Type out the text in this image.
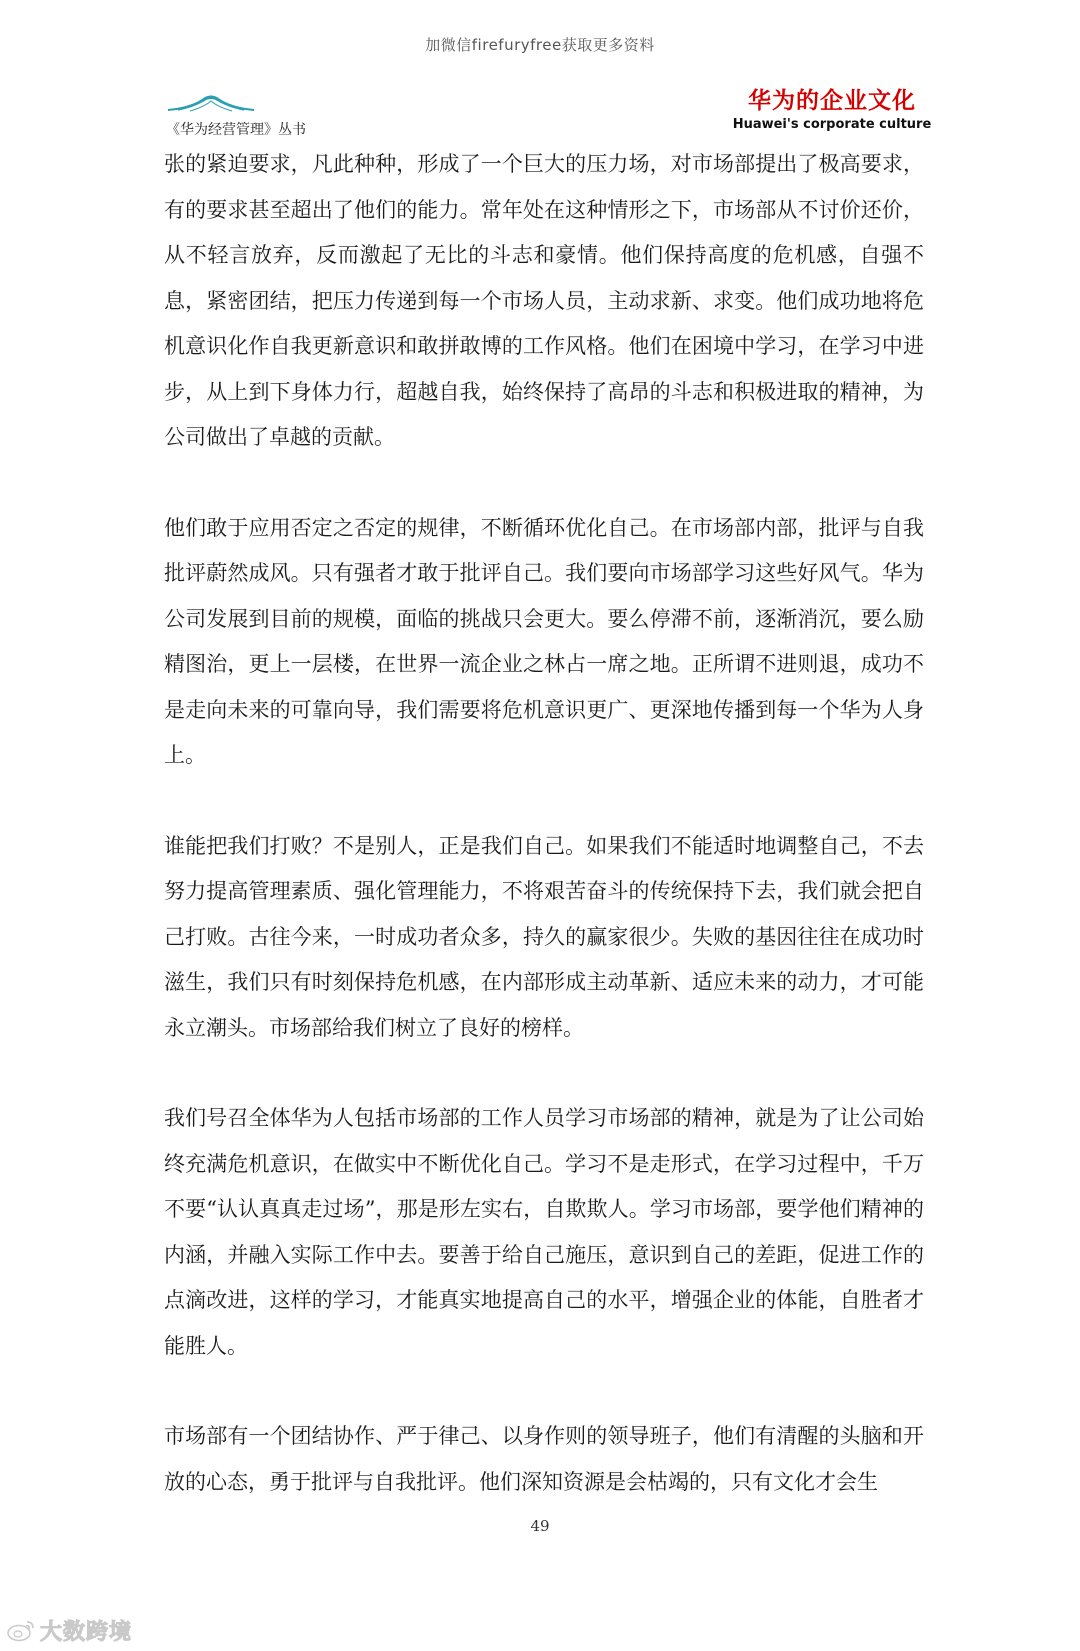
加微信firefuryfree获取更多资料
《华为经营管理》丛书
华为的企业文化
Huawei's corporate culture

张的紧迫要求，凡此种种，形成了一个巨大的压力场，对市场部提出了极高要求，有的要求甚至超出了他们的能力。常年处在这种情形之下，市场部从不讨价还价，从不轻言放弃，反而激起了无比的斗志和豪情。他们保持高度的危机感，自强不息，紧密团结，把压力传递到每一个市场人员，主动求新、求变。他们成功地将危机意识化作自我更新意识和敢拼敢博的工作风格。他们在困境中学习，在学习中进步，从上到下身体力行，超越自我，始终保持了高昂的斗志和积极进取的精神，为公司做出了卓越的贡献。

他们敢于应用否定之否定的规律，不断循环优化自己。在市场部内部，批评与自我批评蔚然成风。只有强者才敢于批评自己。我们要向市场部学习这些好风气。华为公司发展到目前的规模，面临的挑战只会更大。要么停滞不前，逐渐消沉，要么励精图治，更上一层楼，在世界一流企业之林占一席之地。正所谓不进则退，成功不是走向未来的可靠向导，我们需要将危机意识更广、更深地传播到每一个华为人身上。

谁能把我们打败？不是别人，正是我们自己。如果我们不能适时地调整自己，不去努力提高管理素质、强化管理能力，不将艰苦奋斗的传统保持下去，我们就会把自己打败。古往今来，一时成功者众多，持久的赢家很少。失败的基因往往在成功时滋生，我们只有时刻保持危机感，在内部形成主动革新、适应未来的动力，才可能永立潮头。市场部给我们树立了良好的榜样。

我们号召全体华为人包括市场部的工作人员学习市场部的精神，就是为了让公司始终充满危机意识，在做实中不断优化自己。学习不是走形式，在学习过程中，千万不要“认认真真走过场”，那是形左实右，自欺欺人。学习市场部，要学他们精神的内涵，并融入实际工作中去。要善于给自己施压，意识到自己的差距，促进工作的点滴改进，这样的学习，才能真实地提高自己的水平，增强企业的体能，自胜者才能胜人。

市场部有一个团结协作、严于律己、以身作则的领导班子，他们有清醒的头脑和开放的心态，勇于批评与自我批评。他们深知资源是会枯竭的，只有文化才会生

49
大数跨境
